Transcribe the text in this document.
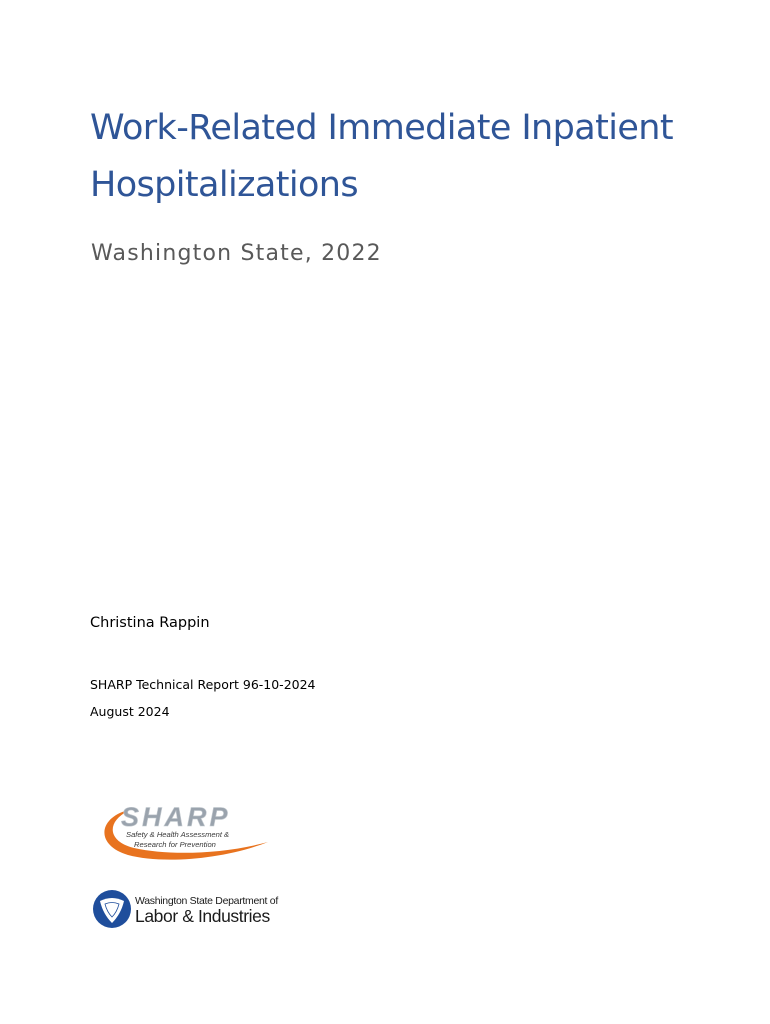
Work-Related Immediate Inpatient Hospitalizations

Washington State, 2022

Christina Rappin

SHARP Technical Report 96-10-2024

August 2024

SHARP
Safety & Health Assessment &
Research for Prevention
Washington State Department of
Labor & Industries
